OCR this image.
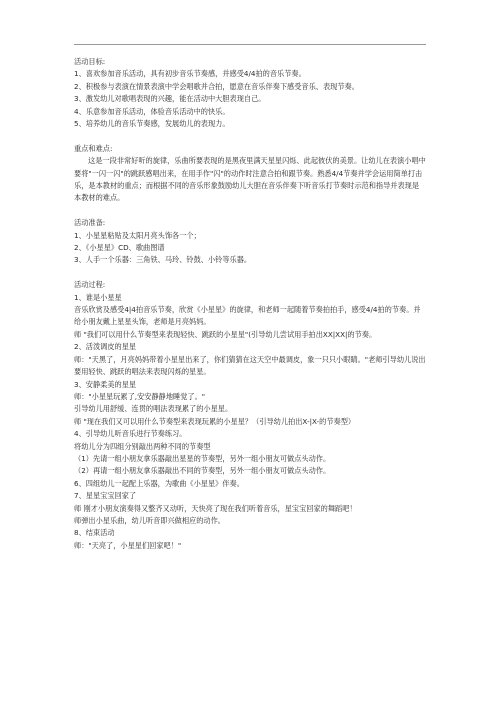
活动目标:

1、喜欢参加音乐活动，具有初步音乐节奏感，并感受4/4拍的音乐节奏。

2、积极参与表演在情景表演中学会唱歌并合拍，愿意在音乐伴奏下感受音乐、表现节奏。

3、激发幼儿对歌唱表现的兴趣，能在活动中大胆表现自己。

4、乐意参加音乐活动，体验音乐活动中的快乐。

5、培养幼儿的音乐节奏感，发展幼儿的表现力。

重点和难点:

这是一段非常好听的旋律，乐曲所要表现的是黑夜里满天星星闪烁、此起彼伏的美景。让幼儿在表演小唱中要将"一闪一闪"的跳跃感唱出来，在用手作"闪"的动作时注意合拍和跟节奏。熟悉4/4节奏并学会运用简单打击乐，是本教材的重点；而根据不同的音乐形象鼓励幼儿大胆在音乐伴奏下听音乐打节奏时示范和指导并表现是本教材的难点。

活动准备:

1、小星星粘贴及太阳月亮头饰各一个；

2、《小星星》CD、歌曲图谱

3、人手一个乐器：三角铁、马玲、铃鼓、小铃等乐器。

活动过程:

1、谁是小星星

音乐欣赏及感受4|4拍音乐节奏，欣赏《小星星》的旋律，和老师一起随着节奏拍拍手，感受4/4拍的节奏。并给小朋友戴上星星头饰，老师是月亮妈妈。

师 "我们可以用什么节奏型来表现轻快、跳跃的小星星"(引导幼儿尝试用手拍出XX|XX|的节奏。

2、活泼调皮的星星

师："天黑了，月亮妈妈带着小星星出来了，你们猜猜在这天空中最调皮，象一只只小眼睛。"老师引导幼儿说出要用轻快、跳跃的唱法来表现闪烁的星星。

3、安静柔美的星星

师："小星星玩累了,安安静静地睡觉了。"

引导幼儿用舒缓、连贯的唱法表现累了的小星星。

师 "现在我们又可以用什么节奏型来表现玩累的小星星？（引导幼儿拍出X-|X-的节奏型）

4、引导幼儿听音乐进行节奏练习。

将幼儿分为四组分别敲出两种不同的节奏型

（1）先请一组小朋友拿乐器敲出星星的节奏型，另外一组小朋友可做点头动作。

（2）再请一组小朋友拿乐器敲出不同的节奏型，另外一组小朋友可做点头动作。

6、四组幼儿一起配上乐器，为歌曲《小星星》伴奏。

7、星星宝宝回家了

师 刚才小朋友演奏得又整齐又动听，天快亮了现在我们听着音乐，星宝宝回家的舞蹈吧！

师弹出小星乐曲，幼儿听音即兴做相应的动作。

8、结束活动

师："天亮了，小星星们回家吧！"
